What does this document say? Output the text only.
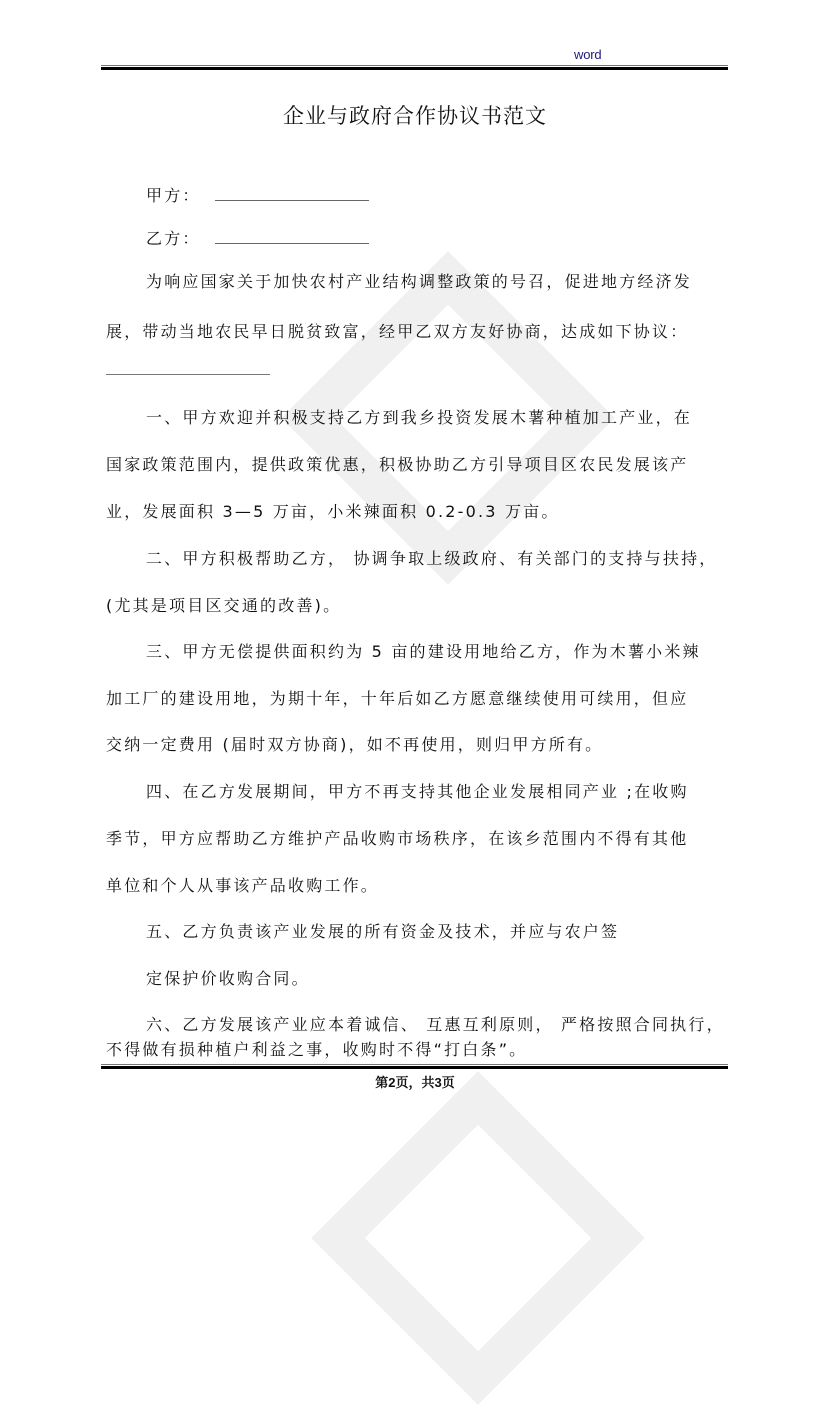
word
企业与政府合作协议书范文
甲方：
乙方：
为响应国家关于加快农村产业结构调整政策的号召，促进地方经济发
展，带动当地农民早日脱贫致富，经甲乙双方友好协商，达成如下协议：
一、甲方欢迎并积极支持乙方到我乡投资发展木薯种植加工产业，在
国家政策范围内，提供政策优惠，积极协助乙方引导项目区农民发展该产
业，发展面积 3—5 万亩，小米辣面积 0.2-0.3 万亩。
二、甲方积极帮助乙方， 协调争取上级政府、有关部门的支持与扶持，
(尤其是项目区交通的改善)。
三、甲方无偿提供面积约为 5 亩的建设用地给乙方，作为木薯小米辣
加工厂的建设用地，为期十年，十年后如乙方愿意继续使用可续用，但应
交纳一定费用 (届时双方协商)，如不再使用，则归甲方所有。
四、在乙方发展期间，甲方不再支持其他企业发展相同产业 ;在收购
季节，甲方应帮助乙方维护产品收购市场秩序，在该乡范围内不得有其他
单位和个人从事该产品收购工作。
五、乙方负责该产业发展的所有资金及技术，并应与农户签
定保护价收购合同。
六、乙方发展该产业应本着诚信、 互惠互利原则， 严格按照合同执行，
不得做有损种植户利益之事，收购时不得“打白条”。
第2页，共3页
